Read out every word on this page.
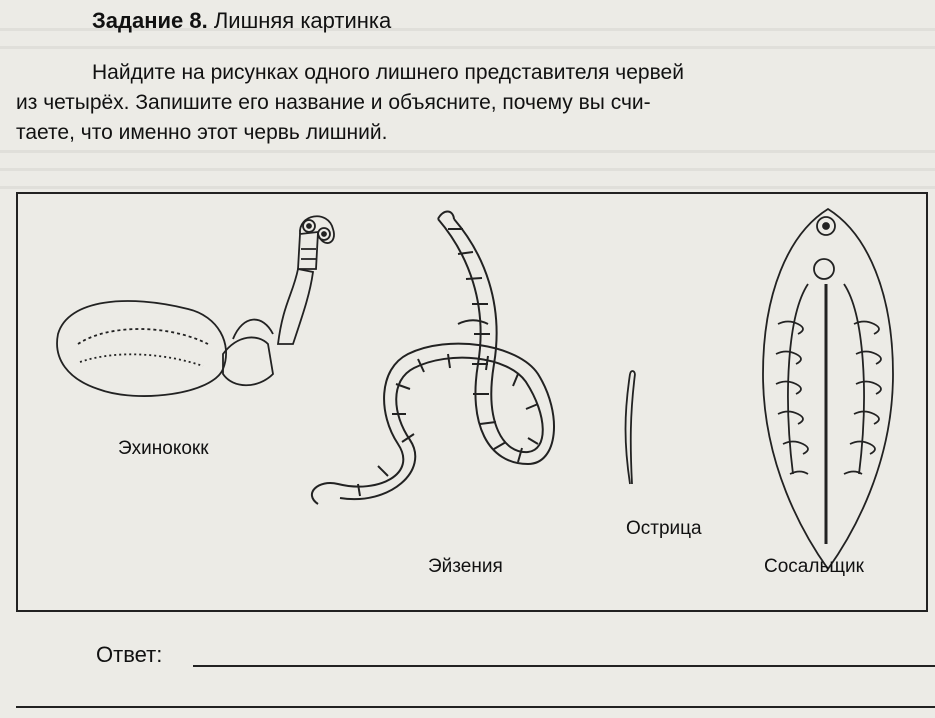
Задание 8. Лишняя картинка
Найдите на рисунках одного лишнего представителя червей
из четырёх. Запишите его название и объясните, почему вы счи-
таете, что именно этот червь лишний.
Эхинококк
Эйзения
Острица
Сосальщик
Ответ:
